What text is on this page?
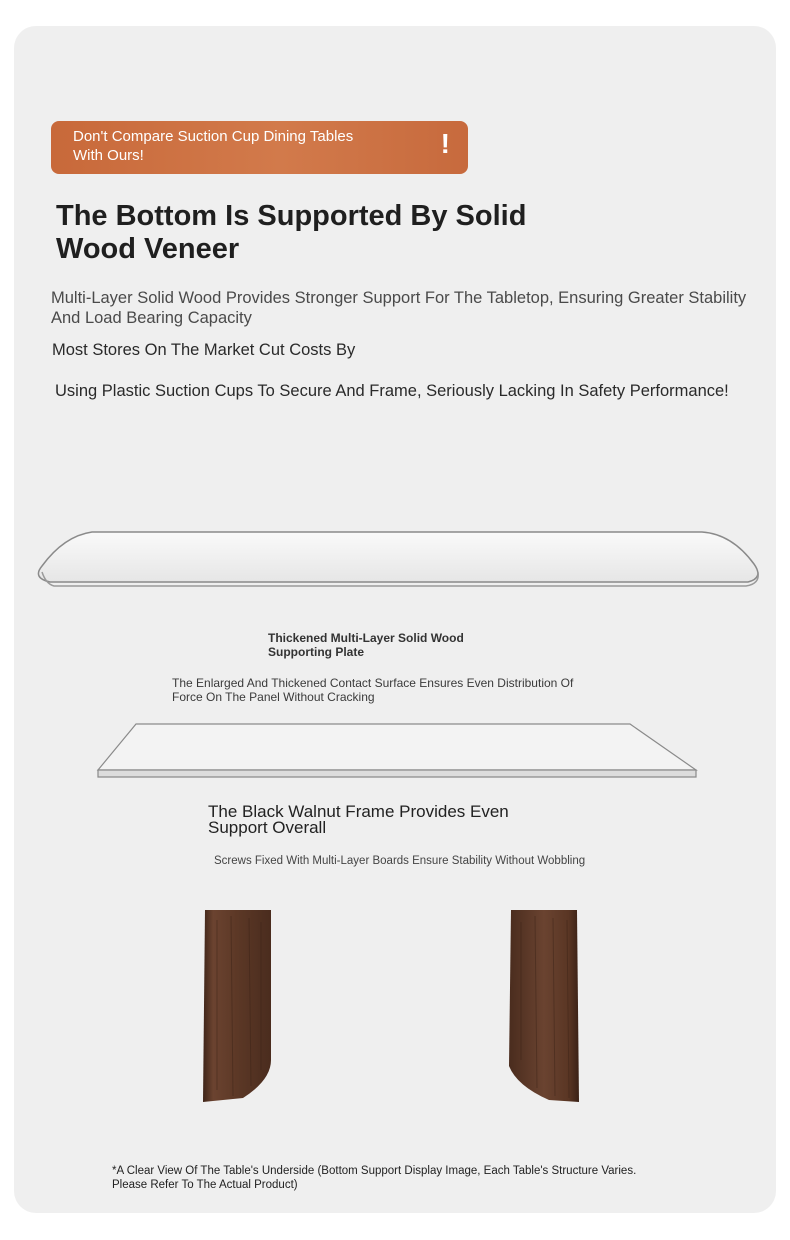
Don't Compare Suction Cup Dining Tables
With Ours!	!
The Bottom Is Supported By Solid
Wood Veneer
Multi-Layer Solid Wood Provides Stronger Support For The Tabletop, Ensuring Greater Stability
And Load Bearing Capacity
Most Stores On The Market Cut Costs By
Using Plastic Suction Cups To Secure And Frame, Seriously Lacking In Safety Performance!
Thickened Multi-Layer Solid Wood
Supporting Plate
The Enlarged And Thickened Contact Surface Ensures Even Distribution Of
Force On The Panel Without Cracking
The Black Walnut Frame Provides Even
Support Overall
Screws Fixed With Multi-Layer Boards Ensure Stability Without Wobbling
*A Clear View Of The Table's Underside (Bottom Support Display Image, Each Table's Structure Varies.
Please Refer To The Actual Product)
